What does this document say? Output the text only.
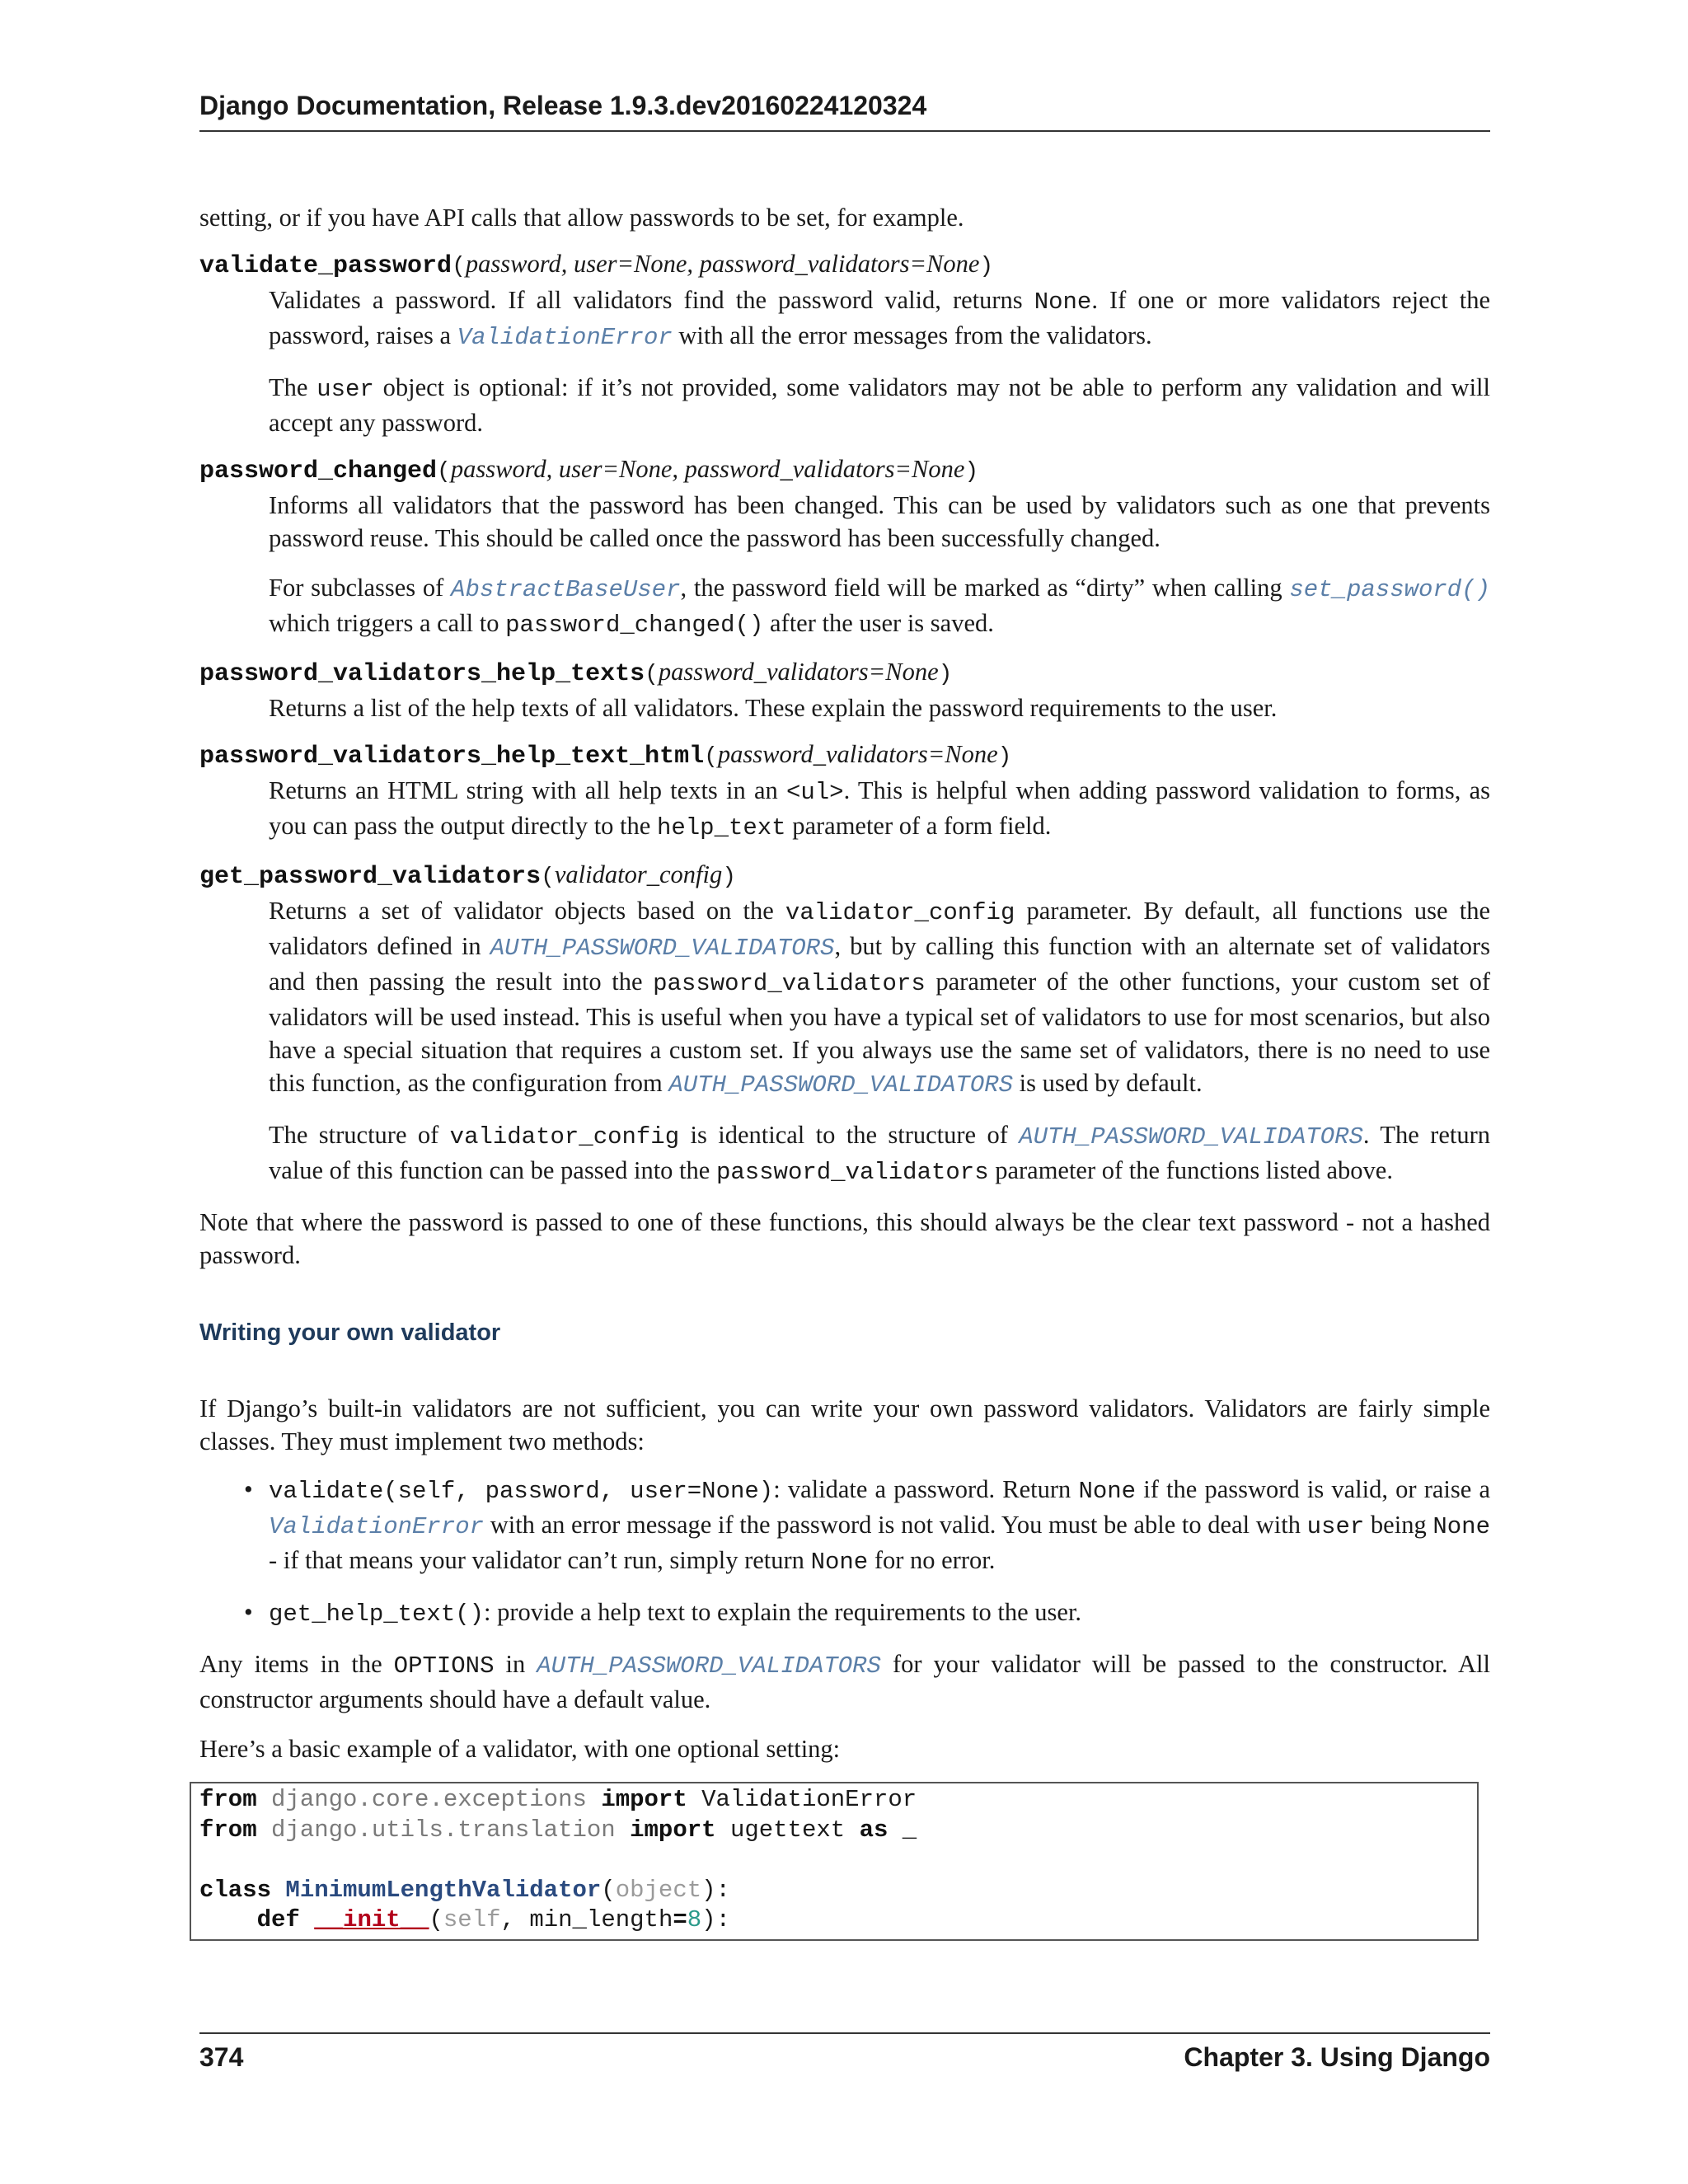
Django Documentation, Release 1.9.3.dev20160224120324

setting, or if you have API calls that allow passwords to be set, for example.

validate_password(password, user=None, password_validators=None)

Validates a password. If all validators find the password valid, returns None. If one or more validators reject the password, raises a ValidationError with all the error messages from the validators.

The user object is optional: if it’s not provided, some validators may not be able to perform any validation and will accept any password.

password_changed(password, user=None, password_validators=None)

Informs all validators that the password has been changed. This can be used by validators such as one that prevents password reuse. This should be called once the password has been successfully changed.

For subclasses of AbstractBaseUser, the password field will be marked as “dirty” when calling set_password() which triggers a call to password_changed() after the user is saved.

password_validators_help_texts(password_validators=None)

Returns a list of the help texts of all validators. These explain the password requirements to the user.

password_validators_help_text_html(password_validators=None)

Returns an HTML string with all help texts in an <ul>. This is helpful when adding password validation to forms, as you can pass the output directly to the help_text parameter of a form field.

get_password_validators(validator_config)

Returns a set of validator objects based on the validator_config parameter. By default, all functions use the validators defined in AUTH_PASSWORD_VALIDATORS, but by calling this function with an alternate set of validators and then passing the result into the password_validators parameter of the other functions, your custom set of validators will be used instead. This is useful when you have a typical set of validators to use for most scenarios, but also have a special situation that requires a custom set. If you always use the same set of validators, there is no need to use this function, as the configuration from AUTH_PASSWORD_VALIDATORS is used by default.

The structure of validator_config is identical to the structure of AUTH_PASSWORD_VALIDATORS. The return value of this function can be passed into the password_validators parameter of the functions listed above.

Note that where the password is passed to one of these functions, this should always be the clear text password - not a hashed password.

Writing your own validator

If Django’s built-in validators are not sufficient, you can write your own password validators. Validators are fairly simple classes. They must implement two methods:

• validate(self, password, user=None): validate a password. Return None if the password is valid, or raise a ValidationError with an error message if the password is not valid. You must be able to deal with user being None - if that means your validator can’t run, simply return None for no error.

• get_help_text(): provide a help text to explain the requirements to the user.

Any items in the OPTIONS in AUTH_PASSWORD_VALIDATORS for your validator will be passed to the constructor. All constructor arguments should have a default value.

Here’s a basic example of a validator, with one optional setting:

from django.core.exceptions import ValidationError
from django.utils.translation import ugettext as _

class MinimumLengthValidator(object):
def __init__(self, min_length=8):
374	Chapter 3. Using Django
